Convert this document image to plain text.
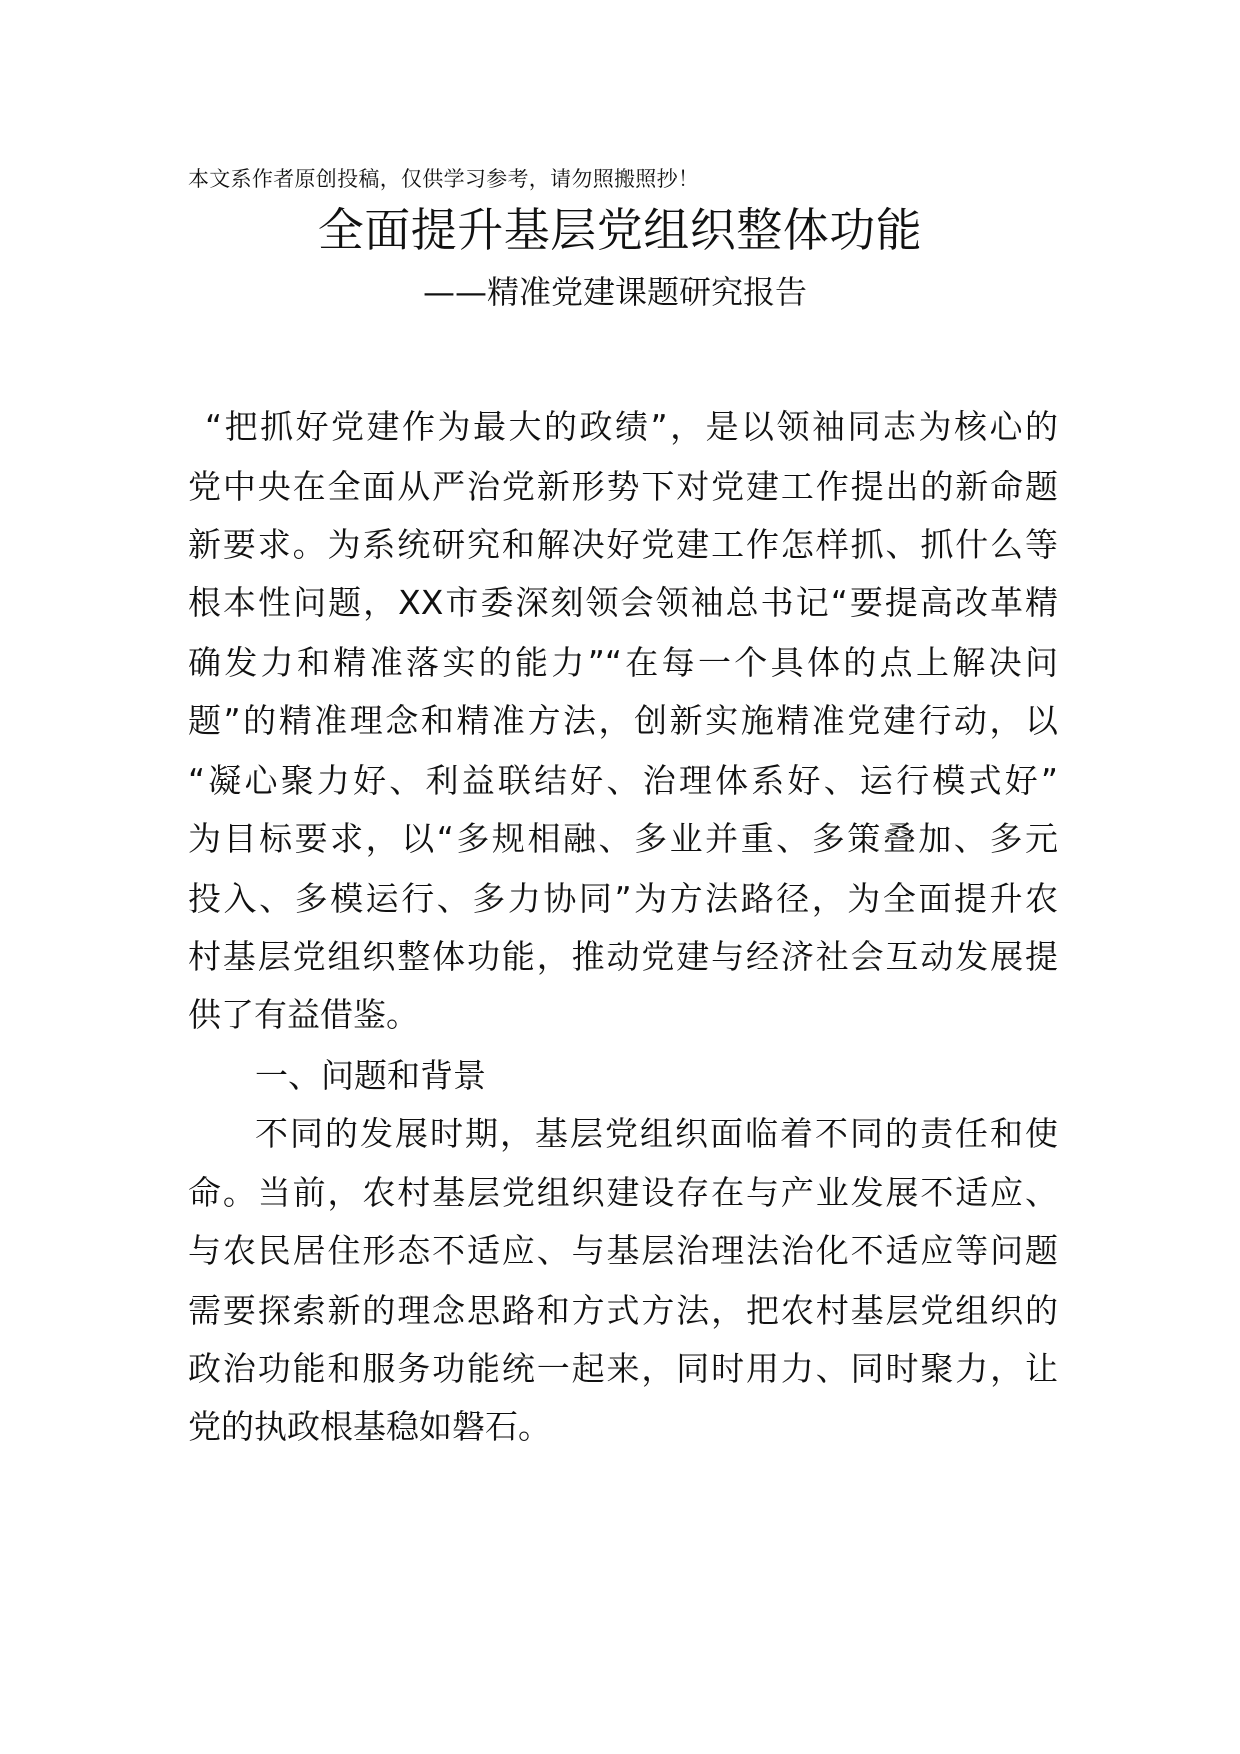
本文系作者原创投稿，仅供学习参考，请勿照搬照抄！
全面提升基层党组织整体功能
——精准党建课题研究报告
“把抓好党建作为最大的政绩”，是以领袖同志为核心的
党中央在全面从严治党新形势下对党建工作提出的新命题
新要求。为系统研究和解决好党建工作怎样抓、抓什么等
根本性问题，XX市委深刻领会领袖总书记“要提高改革精
确发力和精准落实的能力”“在每一个具体的点上解决问
题”的精准理念和精准方法，创新实施精准党建行动，以
“凝心聚力好、利益联结好、治理体系好、运行模式好”
为目标要求，以“多规相融、多业并重、多策叠加、多元
投入、多模运行、多力协同”为方法路径，为全面提升农
村基层党组织整体功能，推动党建与经济社会互动发展提
供了有益借鉴。
一、问题和背景
不同的发展时期，基层党组织面临着不同的责任和使
命。当前，农村基层党组织建设存在与产业发展不适应、
与农民居住形态不适应、与基层治理法治化不适应等问题
需要探索新的理念思路和方式方法，把农村基层党组织的
政治功能和服务功能统一起来，同时用力、同时聚力，让
党的执政根基稳如磐石。
